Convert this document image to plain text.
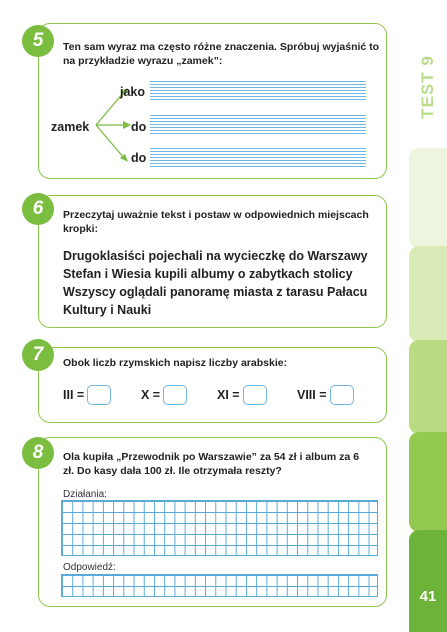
TEST 9
41
Ten sam wyraz ma często różne znaczenia. Spróbuj wyjaśnić to na przykładzie wyrazu „zamek”:
zamek
jako
do
do
5
Przeczytaj uważnie tekst i postaw w odpowiednich miejscach kropki:
Drugoklasiści pojechali na wycieczkę do Warszawy Stefan i Wiesia kupili albumy o zabytkach stolicy Wszyscy oglądali panoramę miasta z tarasu Pałacu Kultury i Nauki
6
Obok liczb rzymskich napisz liczby arabskie:
III =	X =	XI =	VIII =
7
Ola kupiła „Przewodnik po Warszawie” za 54 zł i album za 6 zł. Do kasy dała 100 zł. Ile otrzymała reszty?
Działania:
Odpowiedź:
8
